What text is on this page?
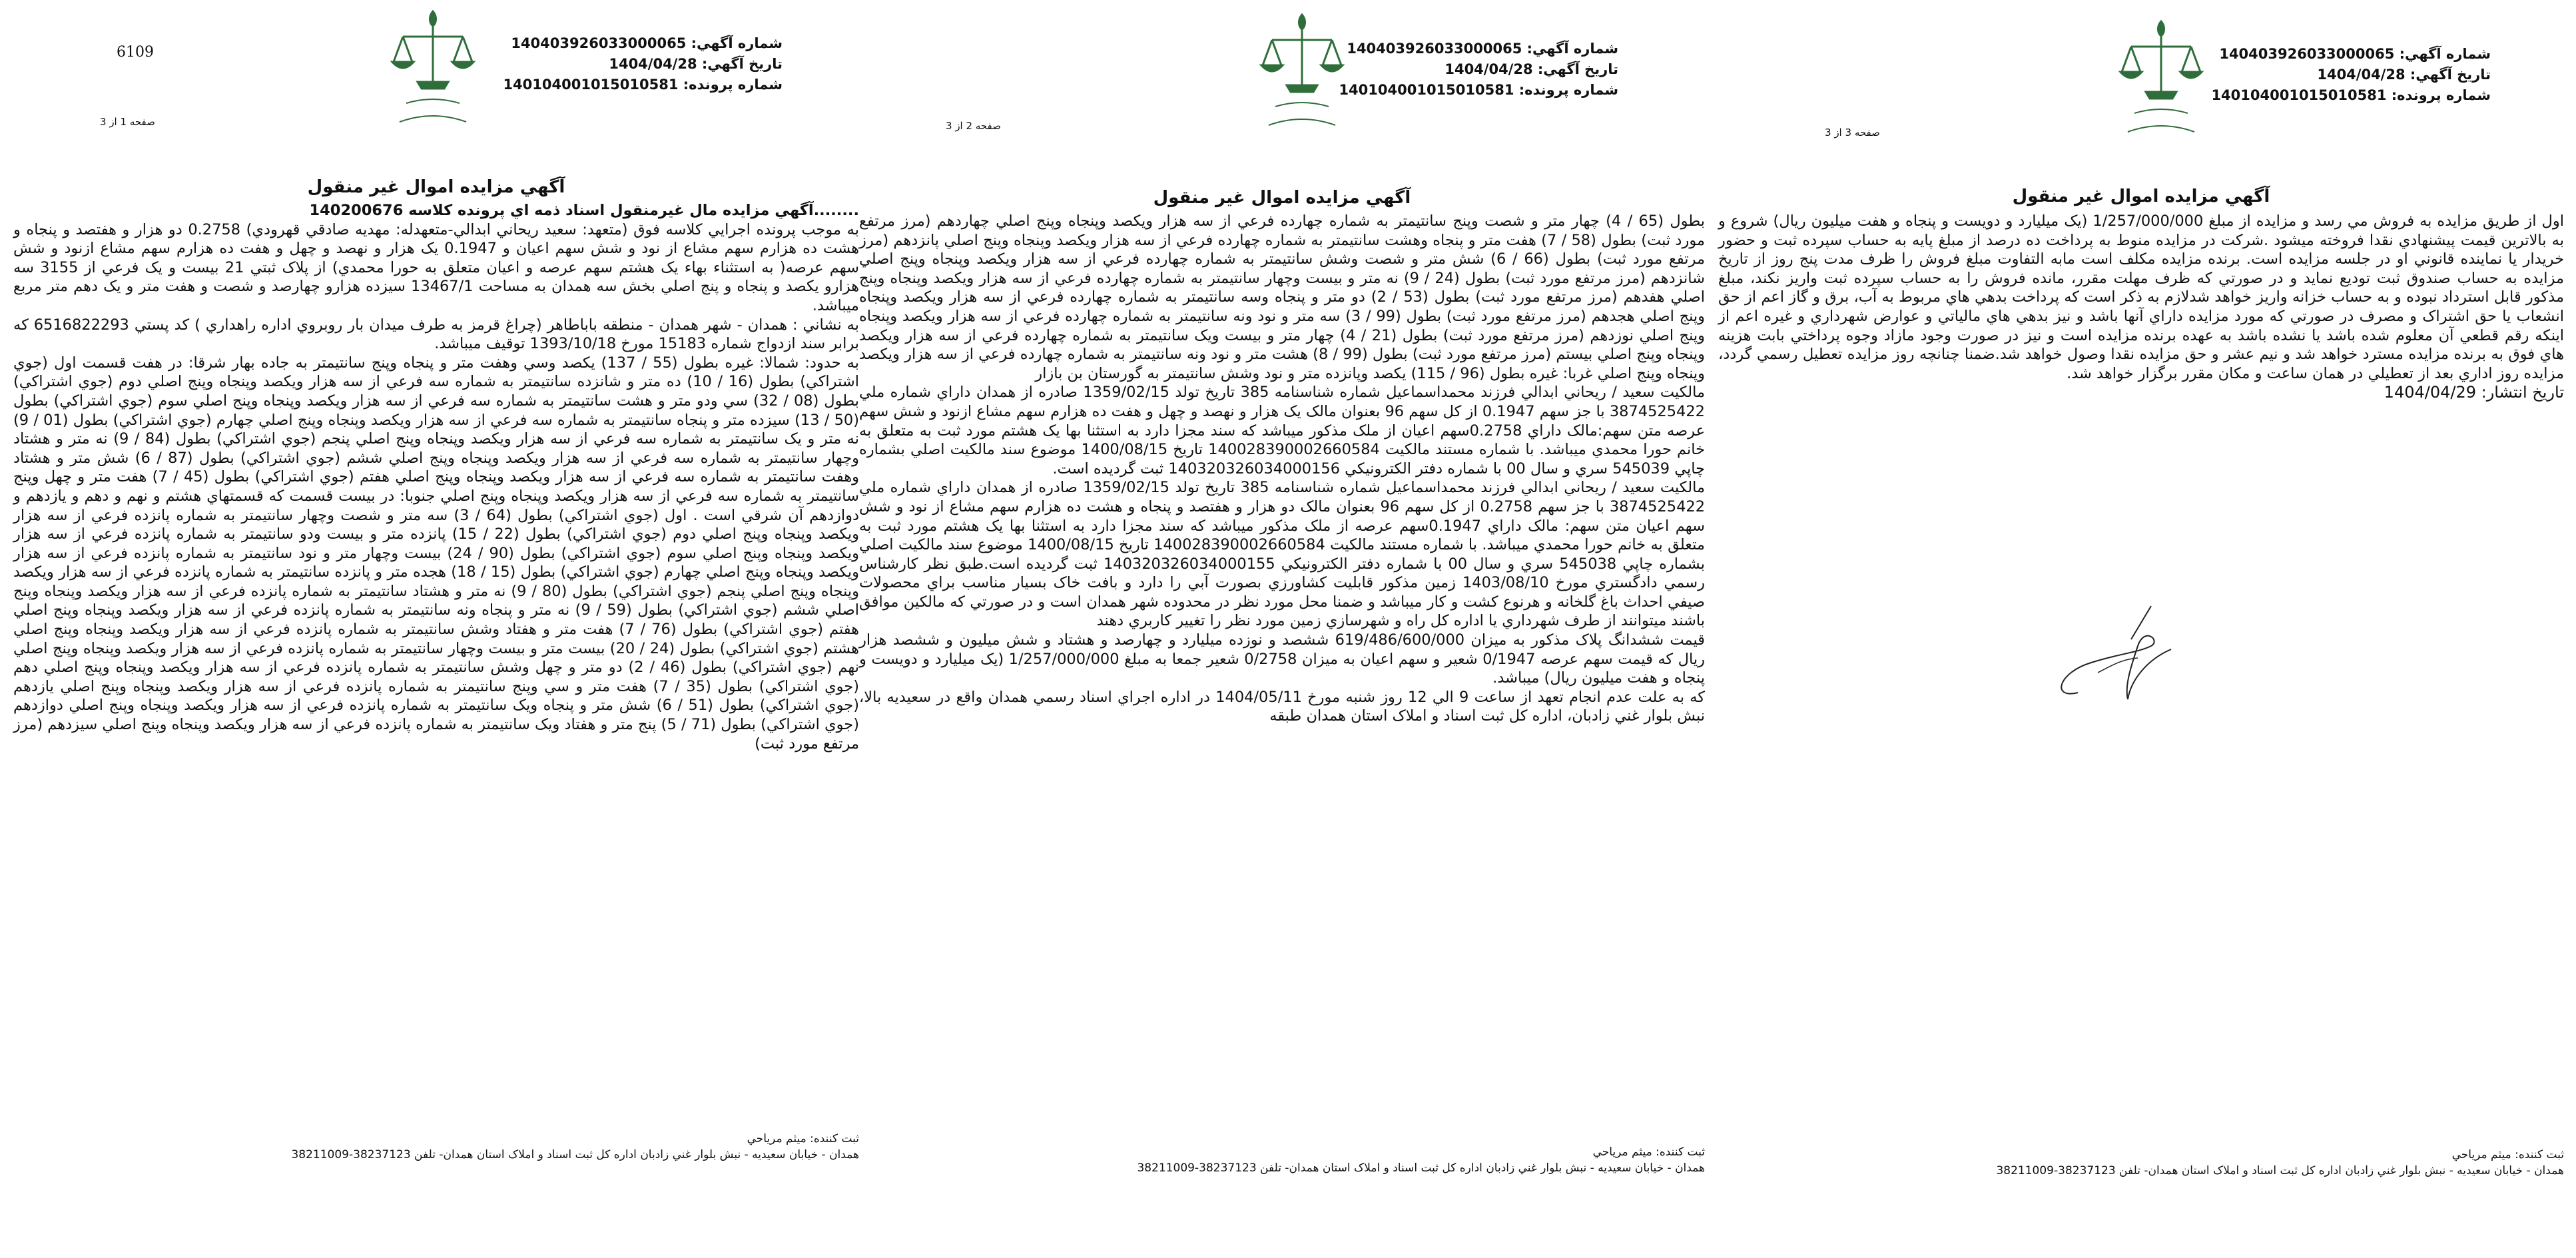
6109
شماره آگهي: 140403926033000065
تاريخ آگهي: 1404/04/28
شماره پرونده: 140104001015010581
صفحه 1 از 3
آگهي مزايده اموال غير منقول

........آگهي مزايده مال غيرمنقول اسناد ذمه اي پرونده کلاسه 140200676

به موجب پرونده اجرايي کلاسه فوق (متعهد: سعيد ريحاني ابدالي-متعهدله: مهديه صادقي قهرودي) 0.2758 دو هزار و هفتصد و پنجاه و هشت ده هزارم سهم مشاع از نود و شش سهم اعيان و 0.1947 يک هزار و نهصد و چهل و هفت ده هزارم سهم مشاع ازنود و شش سهم عرصه( به استثناء بهاء يک هشتم سهم عرصه و اعيان متعلق به حورا محمدي) از پلاک ثبتي 21 بيست و يک فرعي از 3155 سه هزارو يکصد و پنجاه و پنج اصلي بخش سه همدان به مساحت 13467/1 سيزده هزارو چهارصد و شصت و هفت متر و يک دهم متر مربع ميباشد.

به نشاني : همدان - شهر همدان - منطقه باباطاهر (چراغ قرمز به طرف ميدان بار روبروي اداره راهداري ) کد پستي 6516822293 که برابر سند ازدواج شماره 15183 مورخ 1393/10/18 توقيف ميباشد.

به حدود: شمالا: غيره بطول (55 / 137) يکصد وسي وهفت متر و پنجاه وپنج سانتيمتر به جاده بهار شرقا: در هفت قسمت اول (جوي اشتراکي) بطول (16 / 10) ده متر و شانزده سانتيمتر به شماره سه فرعي از سه هزار ويکصد وپنجاه وپنج اصلي دوم (جوي اشتراکي) بطول (08 / 32) سي ودو متر و هشت سانتيمتر به شماره سه فرعي از سه هزار ويکصد وپنجاه وپنج اصلي سوم (جوي اشتراکي) بطول (50 / 13) سيزده متر و پنجاه سانتيمتر به شماره سه فرعي از سه هزار ويکصد وپنجاه وپنج اصلي چهارم (جوي اشتراکي) بطول (01 / 9) نه متر و يک سانتيمتر به شماره سه فرعي از سه هزار ويکصد وپنجاه وپنج اصلي پنجم (جوي اشتراکي) بطول (84 / 9) نه متر و هشتاد وچهار سانتيمتر به شماره سه فرعي از سه هزار ويکصد وپنجاه وپنج اصلي ششم (جوي اشتراکي) بطول (87 / 6) شش متر و هشتاد وهفت سانتيمتر به شماره سه فرعي از سه هزار ويکصد وپنجاه وپنج اصلي هفتم (جوي اشتراکي) بطول (45 / 7) هفت متر و چهل وپنج سانتيمتر به شماره سه فرعي از سه هزار ويکصد وپنجاه وپنج اصلي جنوبا: در بيست قسمت که قسمتهاي هشتم و نهم و دهم و يازدهم و دوازدهم آن شرقي است . اول (جوي اشتراکي) بطول (64 / 3) سه متر و شصت وچهار سانتيمتر به شماره پانزده فرعي از سه هزار ويکصد وپنجاه وپنج اصلي دوم (جوي اشتراکي) بطول (22 / 15) پانزده متر و بيست ودو سانتيمتر به شماره پانزده فرعي از سه هزار ويکصد وپنجاه وپنج اصلي سوم (جوي اشتراکي) بطول (90 / 24) بيست وچهار متر و نود سانتيمتر به شماره پانزده فرعي از سه هزار ويکصد وپنجاه وپنج اصلي چهارم (جوي اشتراکي) بطول (15 / 18) هجده متر و پانزده سانتيمتر به شماره پانزده فرعي از سه هزار ويکصد وپنجاه وپنج اصلي پنجم (جوي اشتراکي) بطول (80 / 9) نه متر و هشتاد سانتيمتر به شماره پانزده فرعي از سه هزار ويکصد وپنجاه وپنج اصلي ششم (جوي اشتراکي) بطول (59 / 9) نه متر و پنجاه ونه سانتيمتر به شماره پانزده فرعي از سه هزار ويکصد وپنجاه وپنج اصلي هفتم (جوي اشتراکي) بطول (76 / 7) هفت متر و هفتاد وشش سانتيمتر به شماره پانزده فرعي از سه هزار ويکصد وپنجاه وپنج اصلي هشتم (جوي اشتراکي) بطول (24 / 20) بيست متر و بيست وچهار سانتيمتر به شماره پانزده فرعي از سه هزار ويکصد وپنجاه وپنج اصلي نهم (جوي اشتراکي) بطول (46 / 2) دو متر و چهل وشش سانتيمتر به شماره پانزده فرعي از سه هزار ويکصد وپنجاه وپنج اصلي دهم (جوي اشتراکي) بطول (35 / 7) هفت متر و سي وپنج سانتيمتر به شماره پانزده فرعي از سه هزار ويکصد وپنجاه وپنج اصلي يازدهم (جوي اشتراکي) بطول (51 / 6) شش متر و پنجاه ويک سانتيمتر به شماره پانزده فرعي از سه هزار ويکصد وپنجاه وپنج اصلي دوازدهم (جوي اشتراکي) بطول (71 / 5) پنج متر و هفتاد ويک سانتيمتر به شماره پانزده فرعي از سه هزار ويکصد وپنجاه وپنج اصلي سيزدهم (مرز مرتفع مورد ثبت)

ثبت کننده: ميثم مرياحي
همدان - خيابان سعيديه - نبش بلوار غني زادبان اداره كل ثبت اسناد و املاک استان همدان- تلفن 38237123-38211009
شماره آگهي: 140403926033000065
تاريخ آگهي: 1404/04/28
شماره پرونده: 140104001015010581
صفحه 2 از 3
آگهي مزايده اموال غير منقول

بطول (65 / 4) چهار متر و شصت وپنج سانتيمتر به شماره چهارده فرعي از سه هزار ويکصد وپنجاه وپنج اصلي چهاردهم (مرز مرتفع مورد ثبت) بطول (58 / 7) هفت متر و پنجاه وهشت سانتيمتر به شماره چهارده فرعي از سه هزار ويکصد وپنجاه وپنج اصلي پانزدهم (مرز مرتفع مورد ثبت) بطول (66 / 6) شش متر و شصت وشش سانتيمتر به شماره چهارده فرعي از سه هزار ويکصد وپنجاه وپنج اصلي شانزدهم (مرز مرتفع مورد ثبت) بطول (24 / 9) نه متر و بيست وچهار سانتيمتر به شماره چهارده فرعي از سه هزار ويکصد وپنجاه وپنج اصلي هفدهم (مرز مرتفع مورد ثبت) بطول (53 / 2) دو متر و پنجاه وسه سانتيمتر به شماره چهارده فرعي از سه هزار ويکصد وپنجاه وپنج اصلي هجدهم (مرز مرتفع مورد ثبت) بطول (99 / 3) سه متر و نود ونه سانتيمتر به شماره چهارده فرعي از سه هزار ويکصد وپنجاه وپنج اصلي نوزدهم (مرز مرتفع مورد ثبت) بطول (21 / 4) چهار متر و بيست ويک سانتيمتر به شماره چهارده فرعي از سه هزار ويکصد وپنجاه وپنج اصلي بيستم (مرز مرتفع مورد ثبت) بطول (99 / 8) هشت متر و نود ونه سانتيمتر به شماره چهارده فرعي از سه هزار ويکصد وپنجاه وپنج اصلي غربا: غيره بطول (96 / 115) يکصد وپانزده متر و نود وشش سانتيمتر به گورستان بن بازار

مالکيت سعيد / ريحاني ابدالي فرزند محمداسماعيل شماره شناسنامه 385 تاريخ تولد 1359/02/15 صادره از همدان داراي شماره ملي 3874525422 با جز سهم 0.1947 از کل سهم 96 بعنوان مالک يک هزار و نهصد و چهل و هفت ده هزارم سهم مشاع ازنود و شش سهم عرصه متن سهم:مالک داراي 0.2758سهم اعيان از ملک مذکور ميباشد که سند مجزا دارد به استثنا بها يک هشتم مورد ثبت به متعلق به خانم حورا محمدي ميباشد. با شماره مستند مالکيت 140028390002660584 تاريخ 1400/08/15 موضوع سند مالکيت اصلي بشماره چاپي 545039 سري و سال 00 با شماره دفتر الکترونيکي 140320326034000156 ثبت گرديده است.

مالکيت سعيد / ريحاني ابدالي فرزند محمداسماعيل شماره شناسنامه 385 تاريخ تولد 1359/02/15 صادره از همدان داراي شماره ملي 3874525422 با جز سهم 0.2758 از کل سهم 96 بعنوان مالک دو هزار و هفتصد و پنجاه و هشت ده هزارم سهم مشاع از نود و شش سهم اعيان متن سهم: مالک داراي 0.1947سهم عرصه از ملک مذکور ميباشد که سند مجزا دارد به استثنا بها يک هشتم مورد ثبت به متعلق به خانم حورا محمدي ميباشد. با شماره مستند مالکيت 140028390002660584 تاريخ 1400/08/15 موضوع سند مالکيت اصلي بشماره چاپي 545038 سري و سال 00 با شماره دفتر الکترونيکي 140320326034000155 ثبت گرديده است.طبق نظر کارشناس رسمي دادگستري مورخ 1403/08/10 زمين مذکور قابليت کشاورزي بصورت آبي را دارد و بافت خاک بسيار مناسب براي محصولات صيفي احداث باغ گلخانه و هرنوع کشت و کار ميباشد و ضمنا محل مورد نظر در محدوده شهر همدان است و در صورتي که مالکين موافق باشند ميتوانند از طرف شهرداري يا اداره کل راه و شهرسازي زمين مورد نظر را تغيير کاربري دهند

قيمت ششدانگ پلاک مذکور به ميزان 619/486/600/000 ششصد و نوزده ميليارد و چهارصد و هشتاد و شش ميليون و ششصد هزار ريال که قيمت سهم عرصه 0/1947 شعير و سهم اعيان به ميزان 0/2758 شعير جمعا به مبلغ 1/257/000/000 (يک ميليارد و دويست و پنجاه و هفت ميليون ريال) ميباشد.

که به علت عدم انجام تعهد از ساعت 9 الي 12 روز شنبه مورخ 1404/05/11 در اداره اجراي اسناد رسمي همدان واقع در سعيديه بالا، نبش بلوار غني زادبان، اداره کل ثبت اسناد و املاک استان همدان طبقه

ثبت کننده: ميثم مرياحي
همدان - خيابان سعيديه - نبش بلوار غني زادبان اداره كل ثبت اسناد و املاک استان همدان- تلفن 38237123-38211009
شماره آگهي: 140403926033000065
تاريخ آگهي: 1404/04/28
شماره پرونده: 140104001015010581
صفحه 3 از 3
آگهي مزايده اموال غير منقول

اول از طريق مزايده به فروش مي رسد و مزايده از مبلغ 1/257/000/000 (يک ميليارد و دويست و پنجاه و هفت ميليون ريال) شروع و به بالاترين قيمت پيشنهادي نقدا فروخته ميشود .شرکت در مزايده منوط به پرداخت ده درصد از مبلغ پايه به حساب سپرده ثبت و حضور خريدار يا نماينده قانوني او در جلسه مزايده است. برنده مزايده مکلف است مابه التفاوت مبلغ فروش را ظرف مدت پنج روز از تاريخ مزايده به حساب صندوق ثبت توديع نمايد و در صورتي که ظرف مهلت مقرر، مانده فروش را به حساب سپرده ثبت واريز نکند، مبلغ مذکور قابل استرداد نبوده و به حساب خزانه واريز خواهد شدلازم به ذکر است که پرداخت بدهي هاي مربوط به آب، برق و گاز اعم از حق انشعاب يا حق اشتراک و مصرف در صورتي که مورد مزايده داراي آنها باشد و نيز بدهي هاي مالياتي و عوارض شهرداري و غيره اعم از اينکه رقم قطعي آن معلوم شده باشد يا نشده باشد به عهده برنده مزايده است و نيز در صورت وجود مازاد وجوه پرداختي بابت هزينه هاي فوق به برنده مزايده مسترد خواهد شد و نيم عشر و حق مزايده نقدا وصول خواهد شد.ضمنا چنانچه روز مزايده تعطيل رسمي گردد، مزايده روز اداري بعد از تعطيلي در همان ساعت و مکان مقرر برگزار خواهد شد.

تاريخ انتشار: 1404/04/29

ثبت کننده: ميثم مرياحي
همدان - خيابان سعيديه - نبش بلوار غني زادبان اداره كل ثبت اسناد و املاک استان همدان- تلفن 38237123-38211009
